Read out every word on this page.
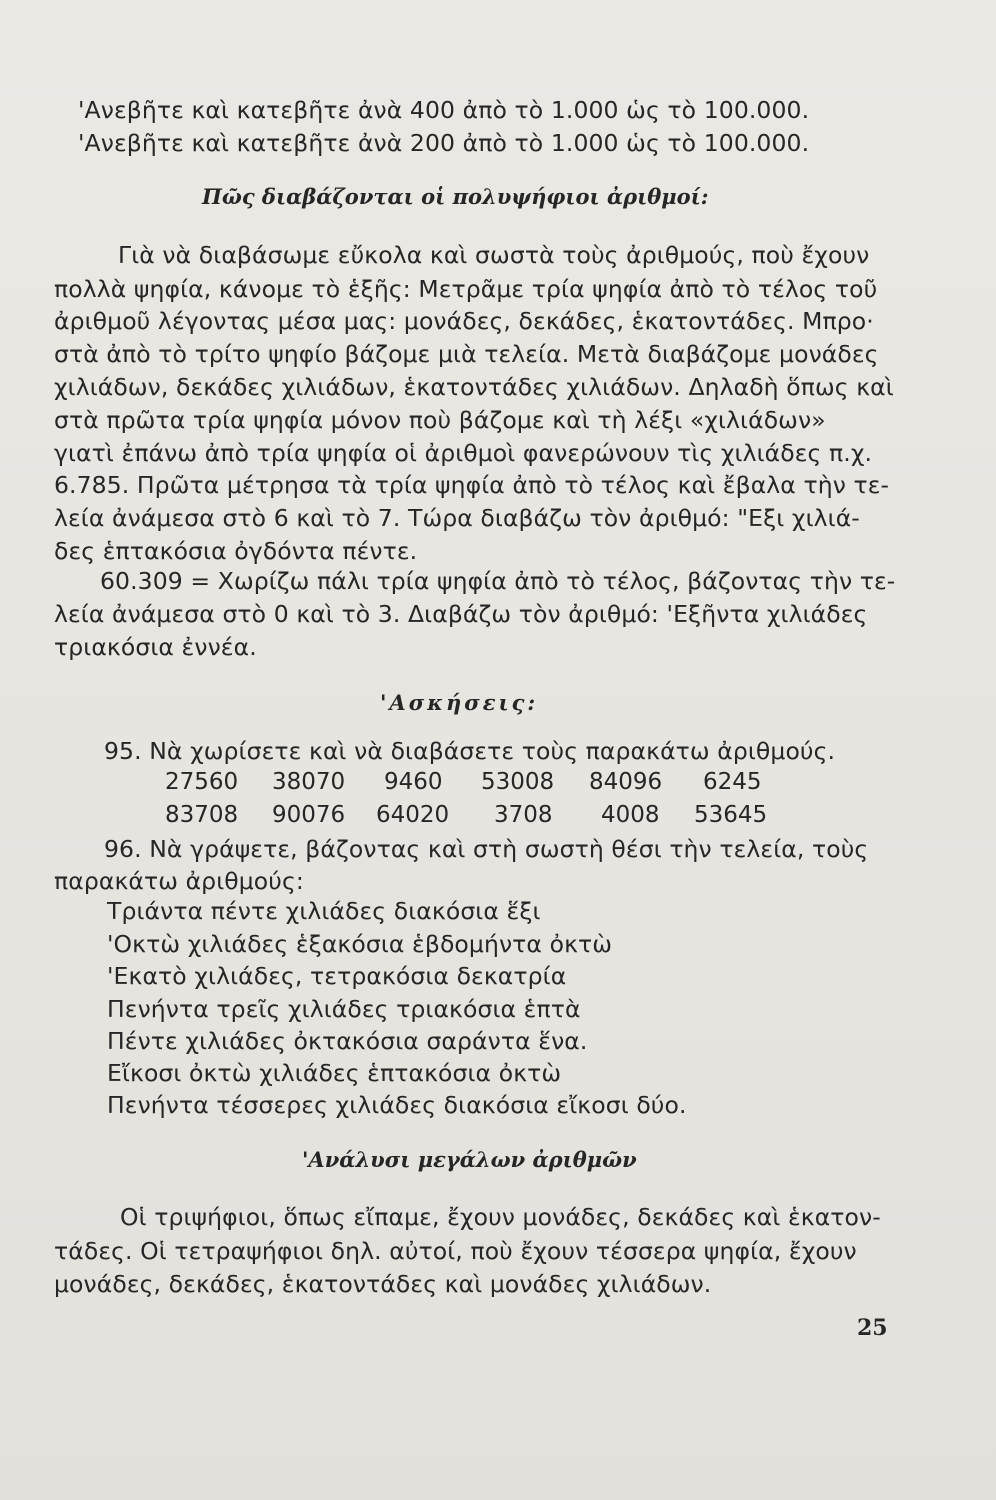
'Ανεβῆτε καὶ κατεβῆτε ἀνὰ 400 ἀπὸ τὸ 1.000 ὡς τὸ 100.000.
'Ανεβῆτε καὶ κατεβῆτε ἀνὰ 200 ἀπὸ τὸ 1.000 ὡς τὸ 100.000.
Πῶς διαβάζονται οἱ πολυψήφιοι ἀριθμοί:
Γιὰ νὰ διαβάσωμε εὔκολα καὶ σωστὰ τοὺς ἀριθμούς, ποὺ ἔχουν
πολλὰ ψηφία, κάνομε τὸ ἑξῆς: Μετρᾶμε τρία ψηφία ἀπὸ τὸ τέλος τοῦ
ἀριθμοῦ λέγοντας μέσα μας: μονάδες, δεκάδες, ἑκατοντάδες. Μπρο·
στὰ ἀπὸ τὸ τρίτο ψηφίο βάζομε μιὰ τελεία. Μετὰ διαβάζομε μονάδες
χιλιάδων, δεκάδες χιλιάδων, ἑκατοντάδες χιλιάδων. Δηλαδὴ ὅπως καὶ
στὰ πρῶτα τρία ψηφία μόνον ποὺ βάζομε καὶ τὴ λέξι «χιλιάδων»
γιατὶ ἐπάνω ἀπὸ τρία ψηφία οἱ ἀριθμοὶ φανερώνουν τὶς χιλιάδες π.χ.
6.785. Πρῶτα μέτρησα τὰ τρία ψηφία ἀπὸ τὸ τέλος καὶ ἔβαλα τὴν τε-
λεία ἀνάμεσα στὸ 6 καὶ τὸ 7. Τώρα διαβάζω τὸν ἀριθμό: "Εξι χιλιά-
δες ἑπτακόσια ὀγδόντα πέντε.
60.309 = Χωρίζω πάλι τρία ψηφία ἀπὸ τὸ τέλος, βάζοντας τὴν τε-
λεία ἀνάμεσα στὸ 0 καὶ τὸ 3. Διαβάζω τὸν ἀριθμό: 'Εξῆντα χιλιάδες
τριακόσια ἐννέα.
'Ασκήσεις:
95. Νὰ χωρίσετε καὶ νὰ διαβάσετε τοὺς παρακάτω ἀριθμούς.
27560 38070 9460 53008 84096 6245
83708 90076 64020 3708 4008 53645
96. Νὰ γράψετε, βάζοντας καὶ στὴ σωστὴ θέσι τὴν τελεία, τοὺς
παρακάτω ἀριθμούς:
Τριάντα πέντε χιλιάδες διακόσια ἕξι
'Οκτὼ χιλιάδες ἑξακόσια ἑβδομήντα ὀκτὼ
'Εκατὸ χιλιάδες, τετρακόσια δεκατρία
Πενήντα τρεῖς χιλιάδες τριακόσια ἑπτὰ
Πέντε χιλιάδες ὀκτακόσια σαράντα ἕνα.
Εἴκοσι ὀκτὼ χιλιάδες ἑπτακόσια ὀκτὼ
Πενήντα τέσσερες χιλιάδες διακόσια εἴκοσι δύο.
'Ανάλυσι μεγάλων ἀριθμῶν
Οἱ τριψήφιοι, ὅπως εἴπαμε, ἔχουν μονάδες, δεκάδες καὶ ἑκατον-
τάδες. Οἱ τετραψήφιοι δηλ. αὐτοί, ποὺ ἔχουν τέσσερα ψηφία, ἔχουν
μονάδες, δεκάδες, ἑκατοντάδες καὶ μονάδες χιλιάδων.
25
